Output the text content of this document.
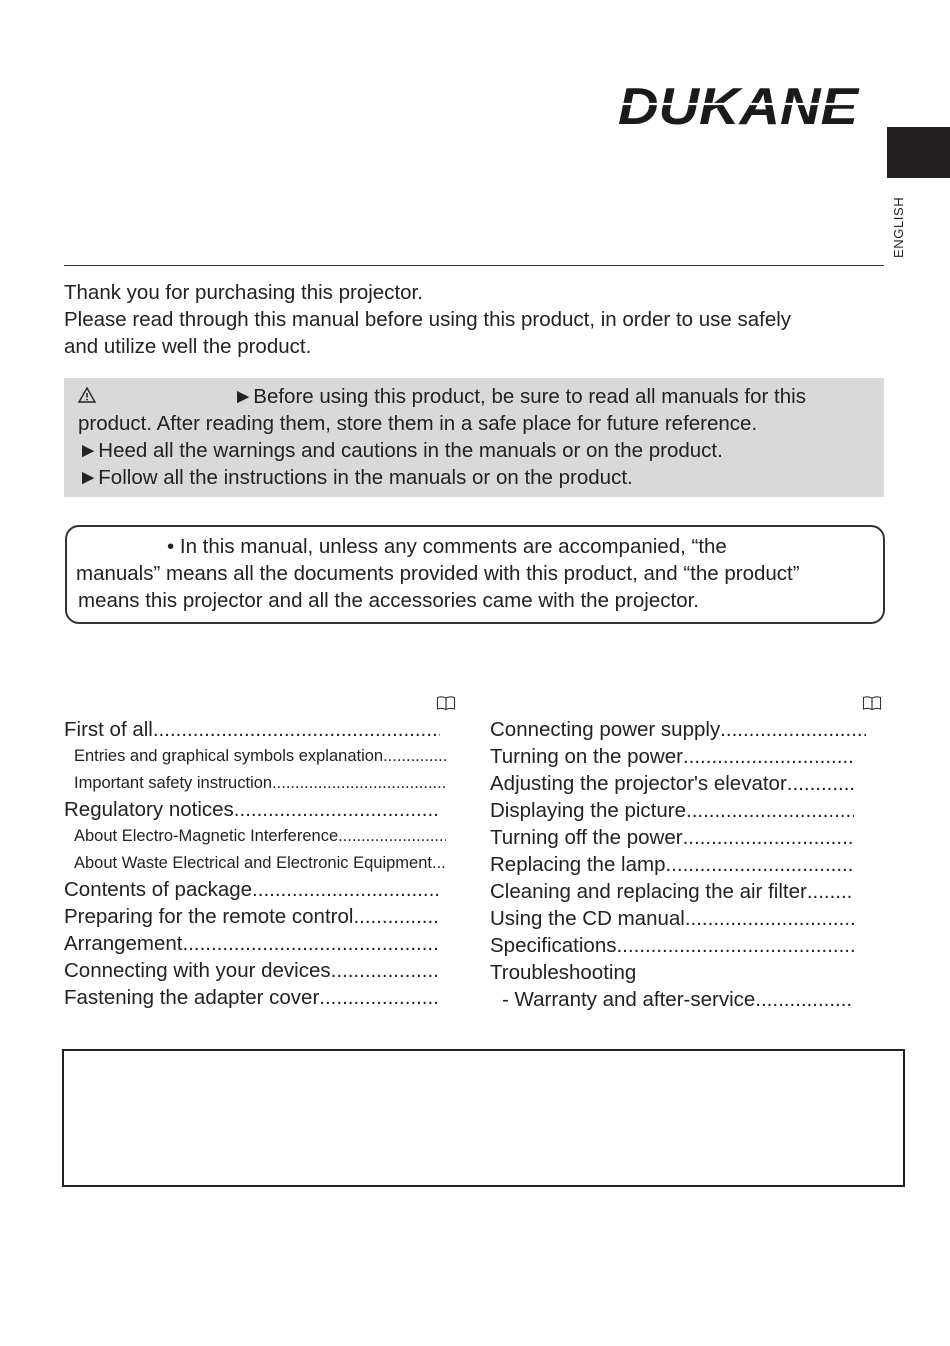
DUKANE
ENGLISH
Thank you for purchasing this projector.
Please read through this manual before using this product, in order to use safely
and utilize well the product.
►Before using this product, be sure to read all manuals for this
product. After reading them, store them in a safe place for future reference.
►Heed all the warnings and cautions in the manuals or on the product.
►Follow all the instructions in the manuals or on the product.
• In this manual, unless any comments are accompanied, “the
manuals” means all the documents provided with this product, and “the product”
means this projector and all the accessories came with the projector.
First of all
.....
Entries and graphical symbols explanation
.....
Important safety instruction
.....
Regulatory notices
.....
About Electro-Magnetic Interference
.....
About Waste Electrical and Electronic Equipment
.....
Contents of package
.....
Preparing for the remote control
.....
Arrangement
.....
Connecting with your devices
.....
Fastening the adapter cover
.....
Connecting power supply
.....
Turning on the power
.....
Adjusting the projector's elevator
.....
Displaying the picture
.....
Turning off the power
.....
Replacing the lamp
.....
Cleaning and replacing the air filter
.....
Using the CD manual
.....
Specifications
.....
Troubleshooting
- Warranty and after-service
.....
